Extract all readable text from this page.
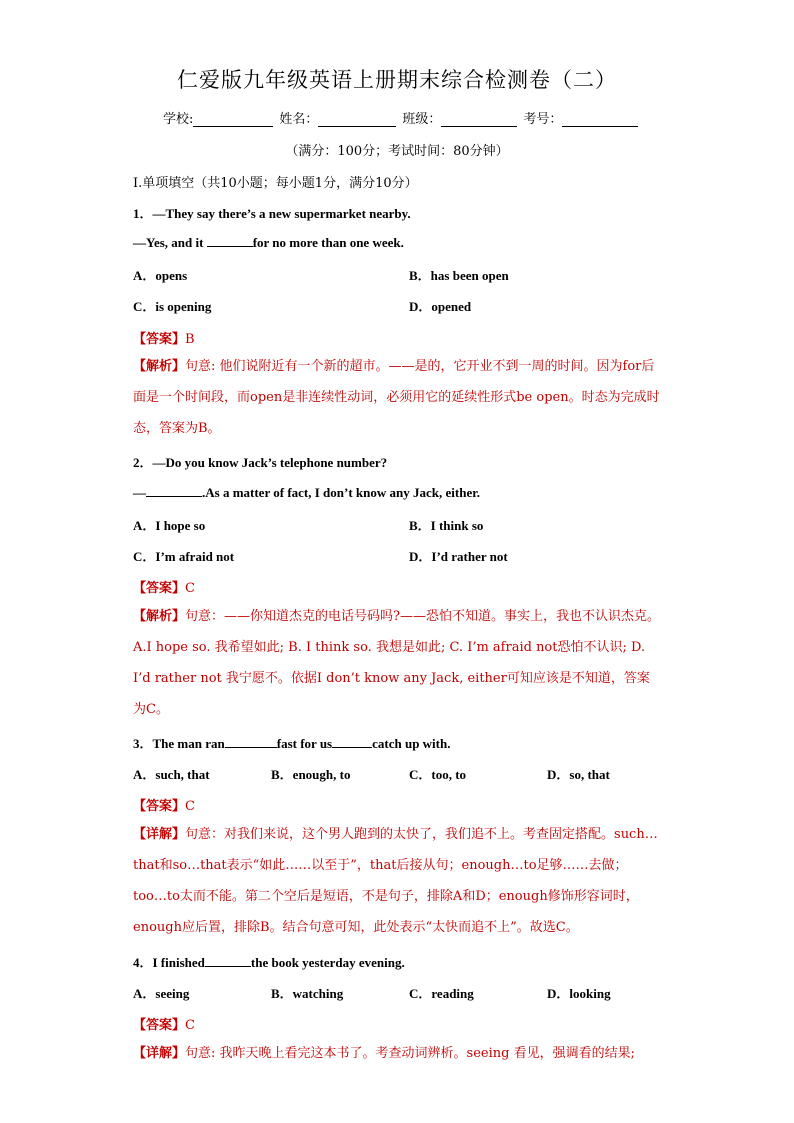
仁爱版九年级英语上册期末综合检测卷（二）
学校:	姓名：	班级：	考号：
（满分：100分；考试时间：80分钟）
I.单项填空（共10小题；每小题1分，满分10分）
1．—They say there’s a new supermarket nearby.
—Yes, and it	for no more than one week.
A．opens	B．has been open
C．is opening	D．opened
【答案】B
【解析】句意: 他们说附近有一个新的超市。——是的，它开业不到一周的时间。因为for后面是一个时间段，而open是非连续性动词，必须用它的延续性形式be open。时态为完成时态，答案为B。
2．—Do you know Jack’s telephone number?
—	.As a matter of fact, I don’t know any Jack, either.
A．I hope so	B．I think so
C．I’m afraid not	D．I’d rather not
【答案】C
【解析】句意：——你知道杰克的电话号码吗?——恐怕不知道。事实上，我也不认识杰克。A.I hope so. 我希望如此; B. I think so. 我想是如此; C. I’m afraid not恐怕不认识; D. I’d rather not 我宁愿不。依据I don’t know any Jack, either可知应该是不知道，答案为C。
3．The man ran	fast for us	catch up with.
A．such, that	B．enough, to	C．too, to	D．so, that
【答案】C
【详解】句意：对我们来说，这个男人跑到的太快了，我们追不上。考查固定搭配。such…that和so…that表示“如此……以至于”，that后接从句；enough…to足够……去做；too…to太而不能。第二个空后是短语，不是句子，排除A和D；enough修饰形容词时，enough应后置，排除B。结合句意可知，此处表示“太快而追不上”。故选C。
4．I finished	the book yesterday evening.
A．seeing	B．watching	C．reading	D．looking
【答案】C
【详解】句意: 我昨天晚上看完这本书了。考查动词辨析。seeing 看见，强调看的结果;
